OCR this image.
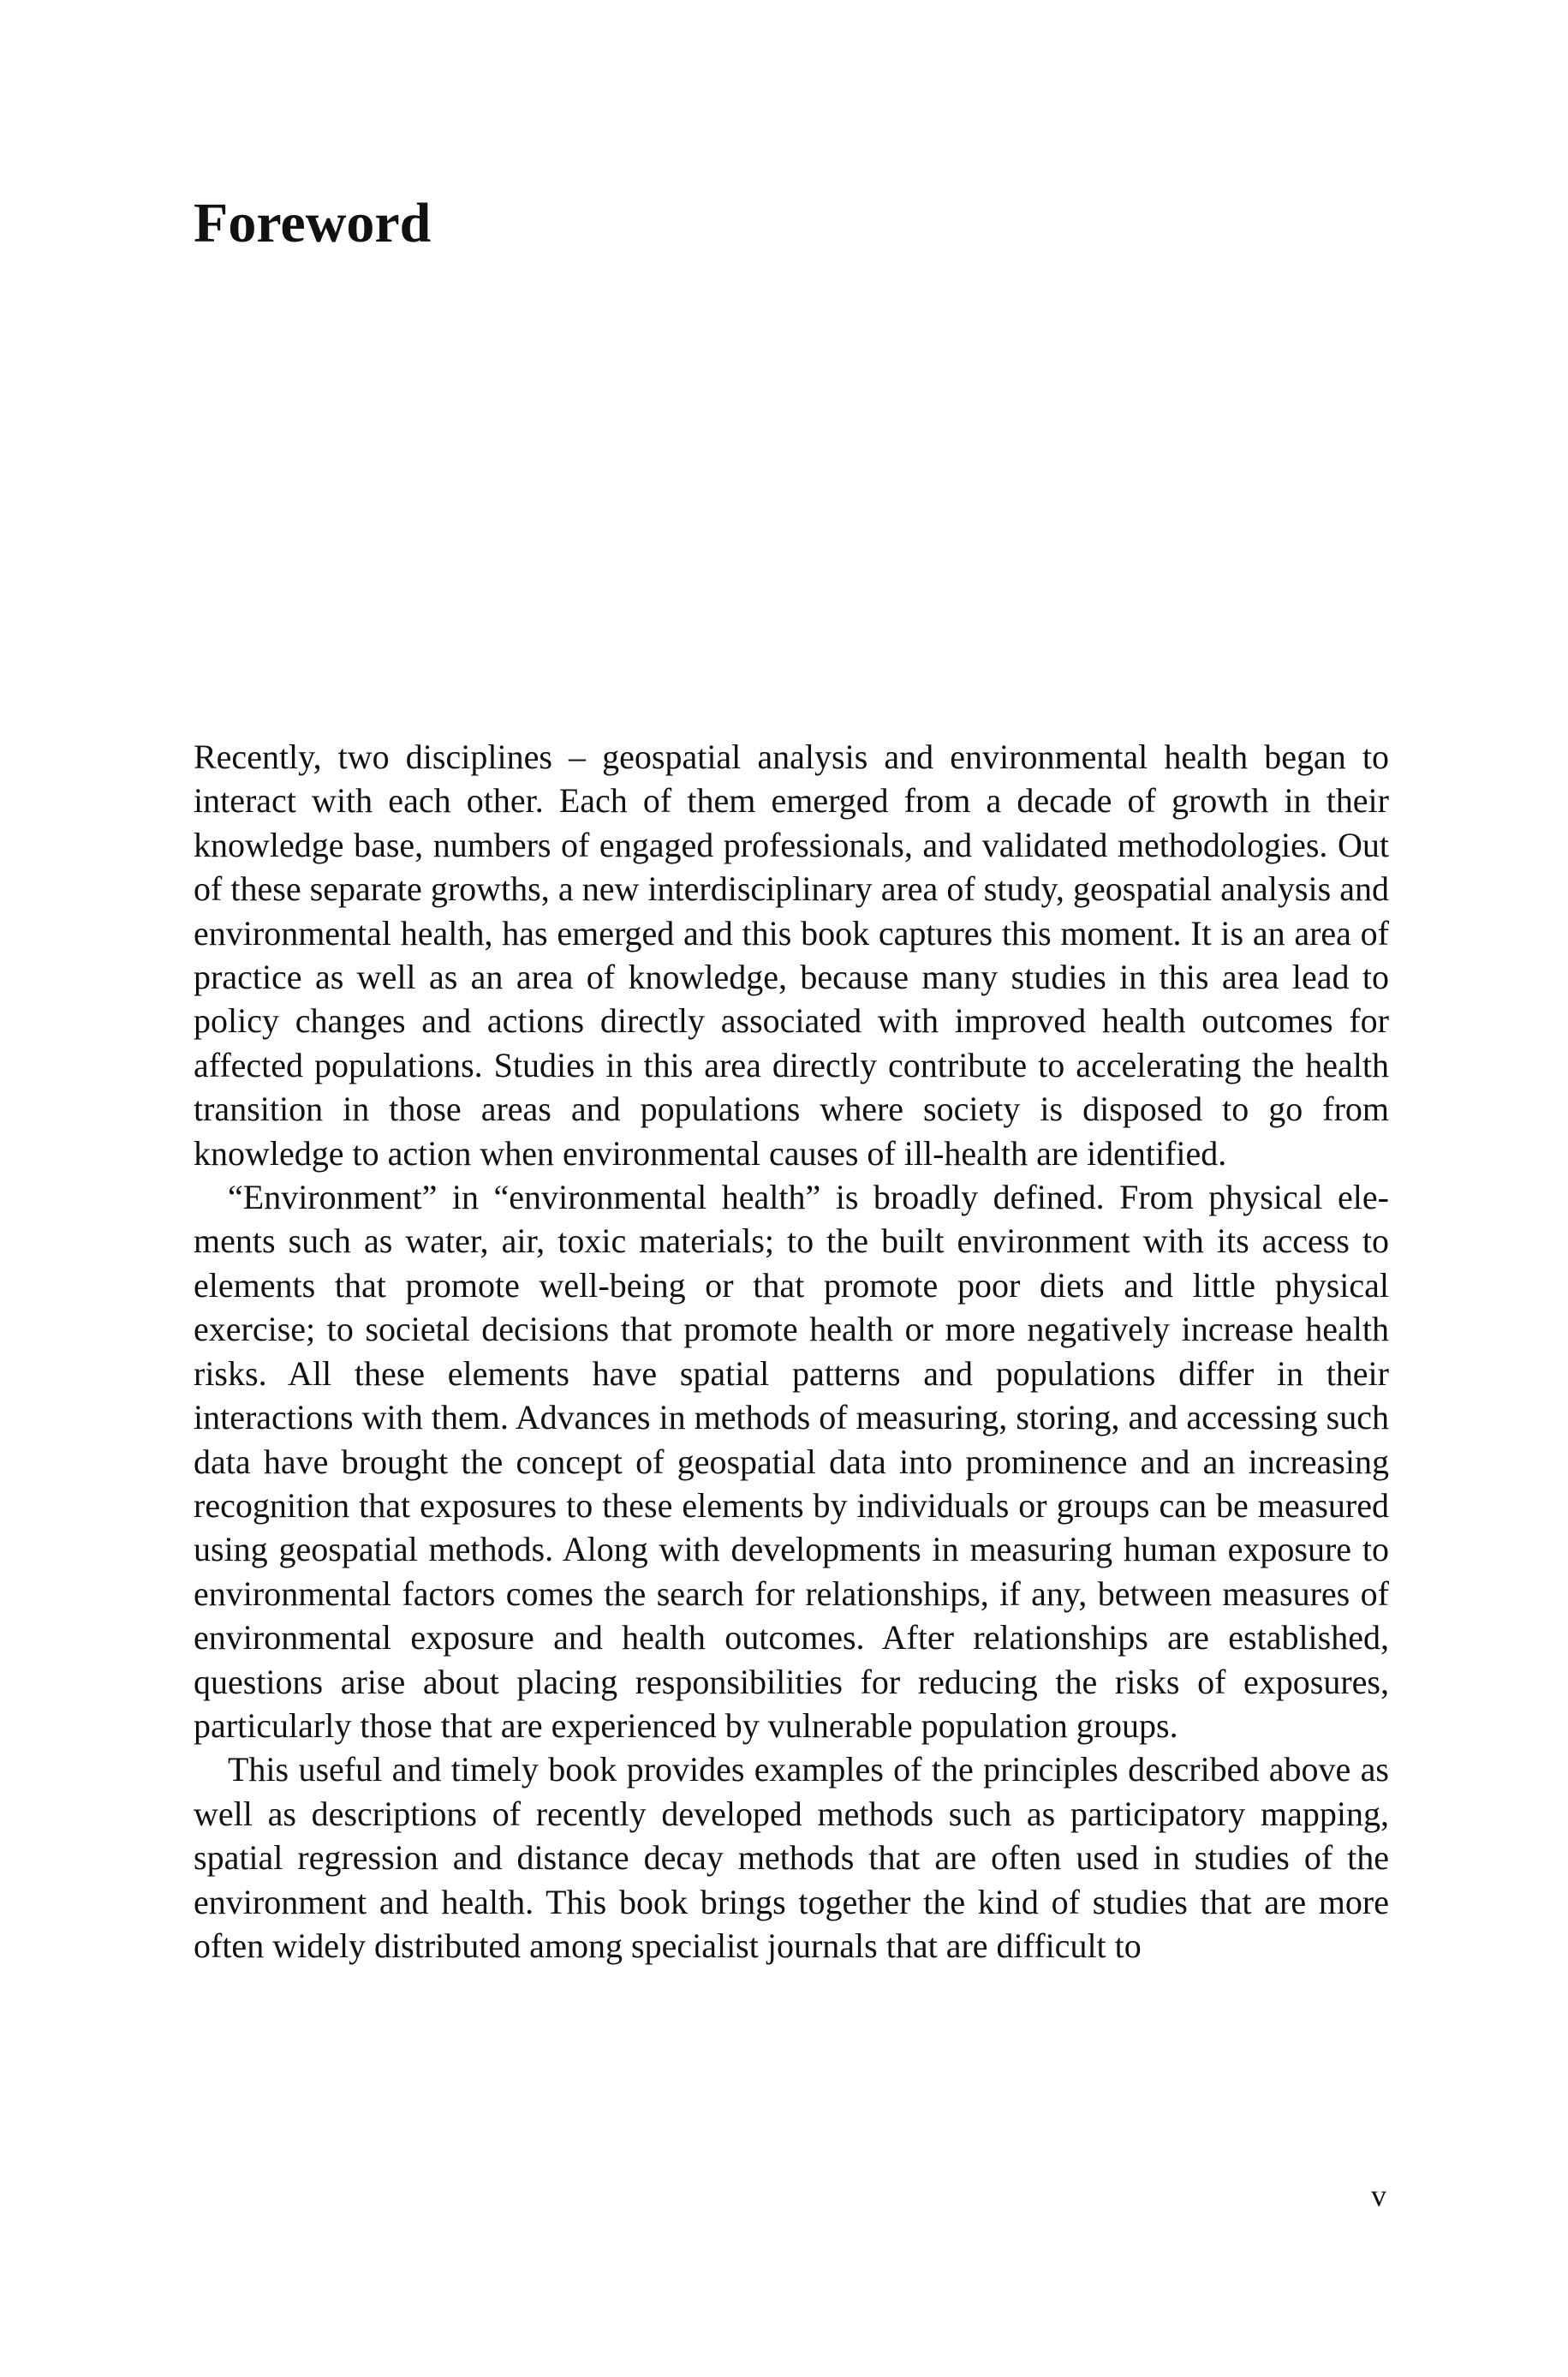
Foreword

Recently, two disciplines – geospatial analysis and environmental health began to interact with each other. Each of them emerged from a decade of growth in their knowledge base, numbers of engaged professionals, and validated methodologies. Out of these separate growths, a new interdisciplinary area of study, geospatial analysis and environmental health, has emerged and this book captures this moment. It is an area of practice as well as an area of knowledge, because many studies in this area lead to policy changes and actions directly associated with improved health outcomes for affected populations. Studies in this area directly contribute to accelerating the health transition in those areas and populations where society is disposed to go from knowledge to action when environmental causes of ill-health are identified.

“Environment” in “environmental health” is broadly defined. From physical elements such as water, air, toxic materials; to the built environment with its access to elements that promote well-being or that promote poor diets and little physical exercise; to societal decisions that promote health or more negatively increase health risks. All these elements have spatial patterns and populations differ in their interactions with them. Advances in methods of measuring, storing, and accessing such data have brought the concept of geospatial data into prominence and an increasing recognition that exposures to these elements by individuals or groups can be measured using geospatial methods. Along with developments in measuring human exposure to environmental factors comes the search for relationships, if any, between measures of environmental exposure and health outcomes. After relationships are established, questions arise about placing responsibilities for reducing the risks of exposures, particularly those that are experienced by vulnerable population groups.

This useful and timely book provides examples of the principles described above as well as descriptions of recently developed methods such as participatory mapping, spatial regression and distance decay methods that are often used in studies of the environment and health. This book brings together the kind of studies that are more often widely distributed among specialist journals that are difficult to

v
